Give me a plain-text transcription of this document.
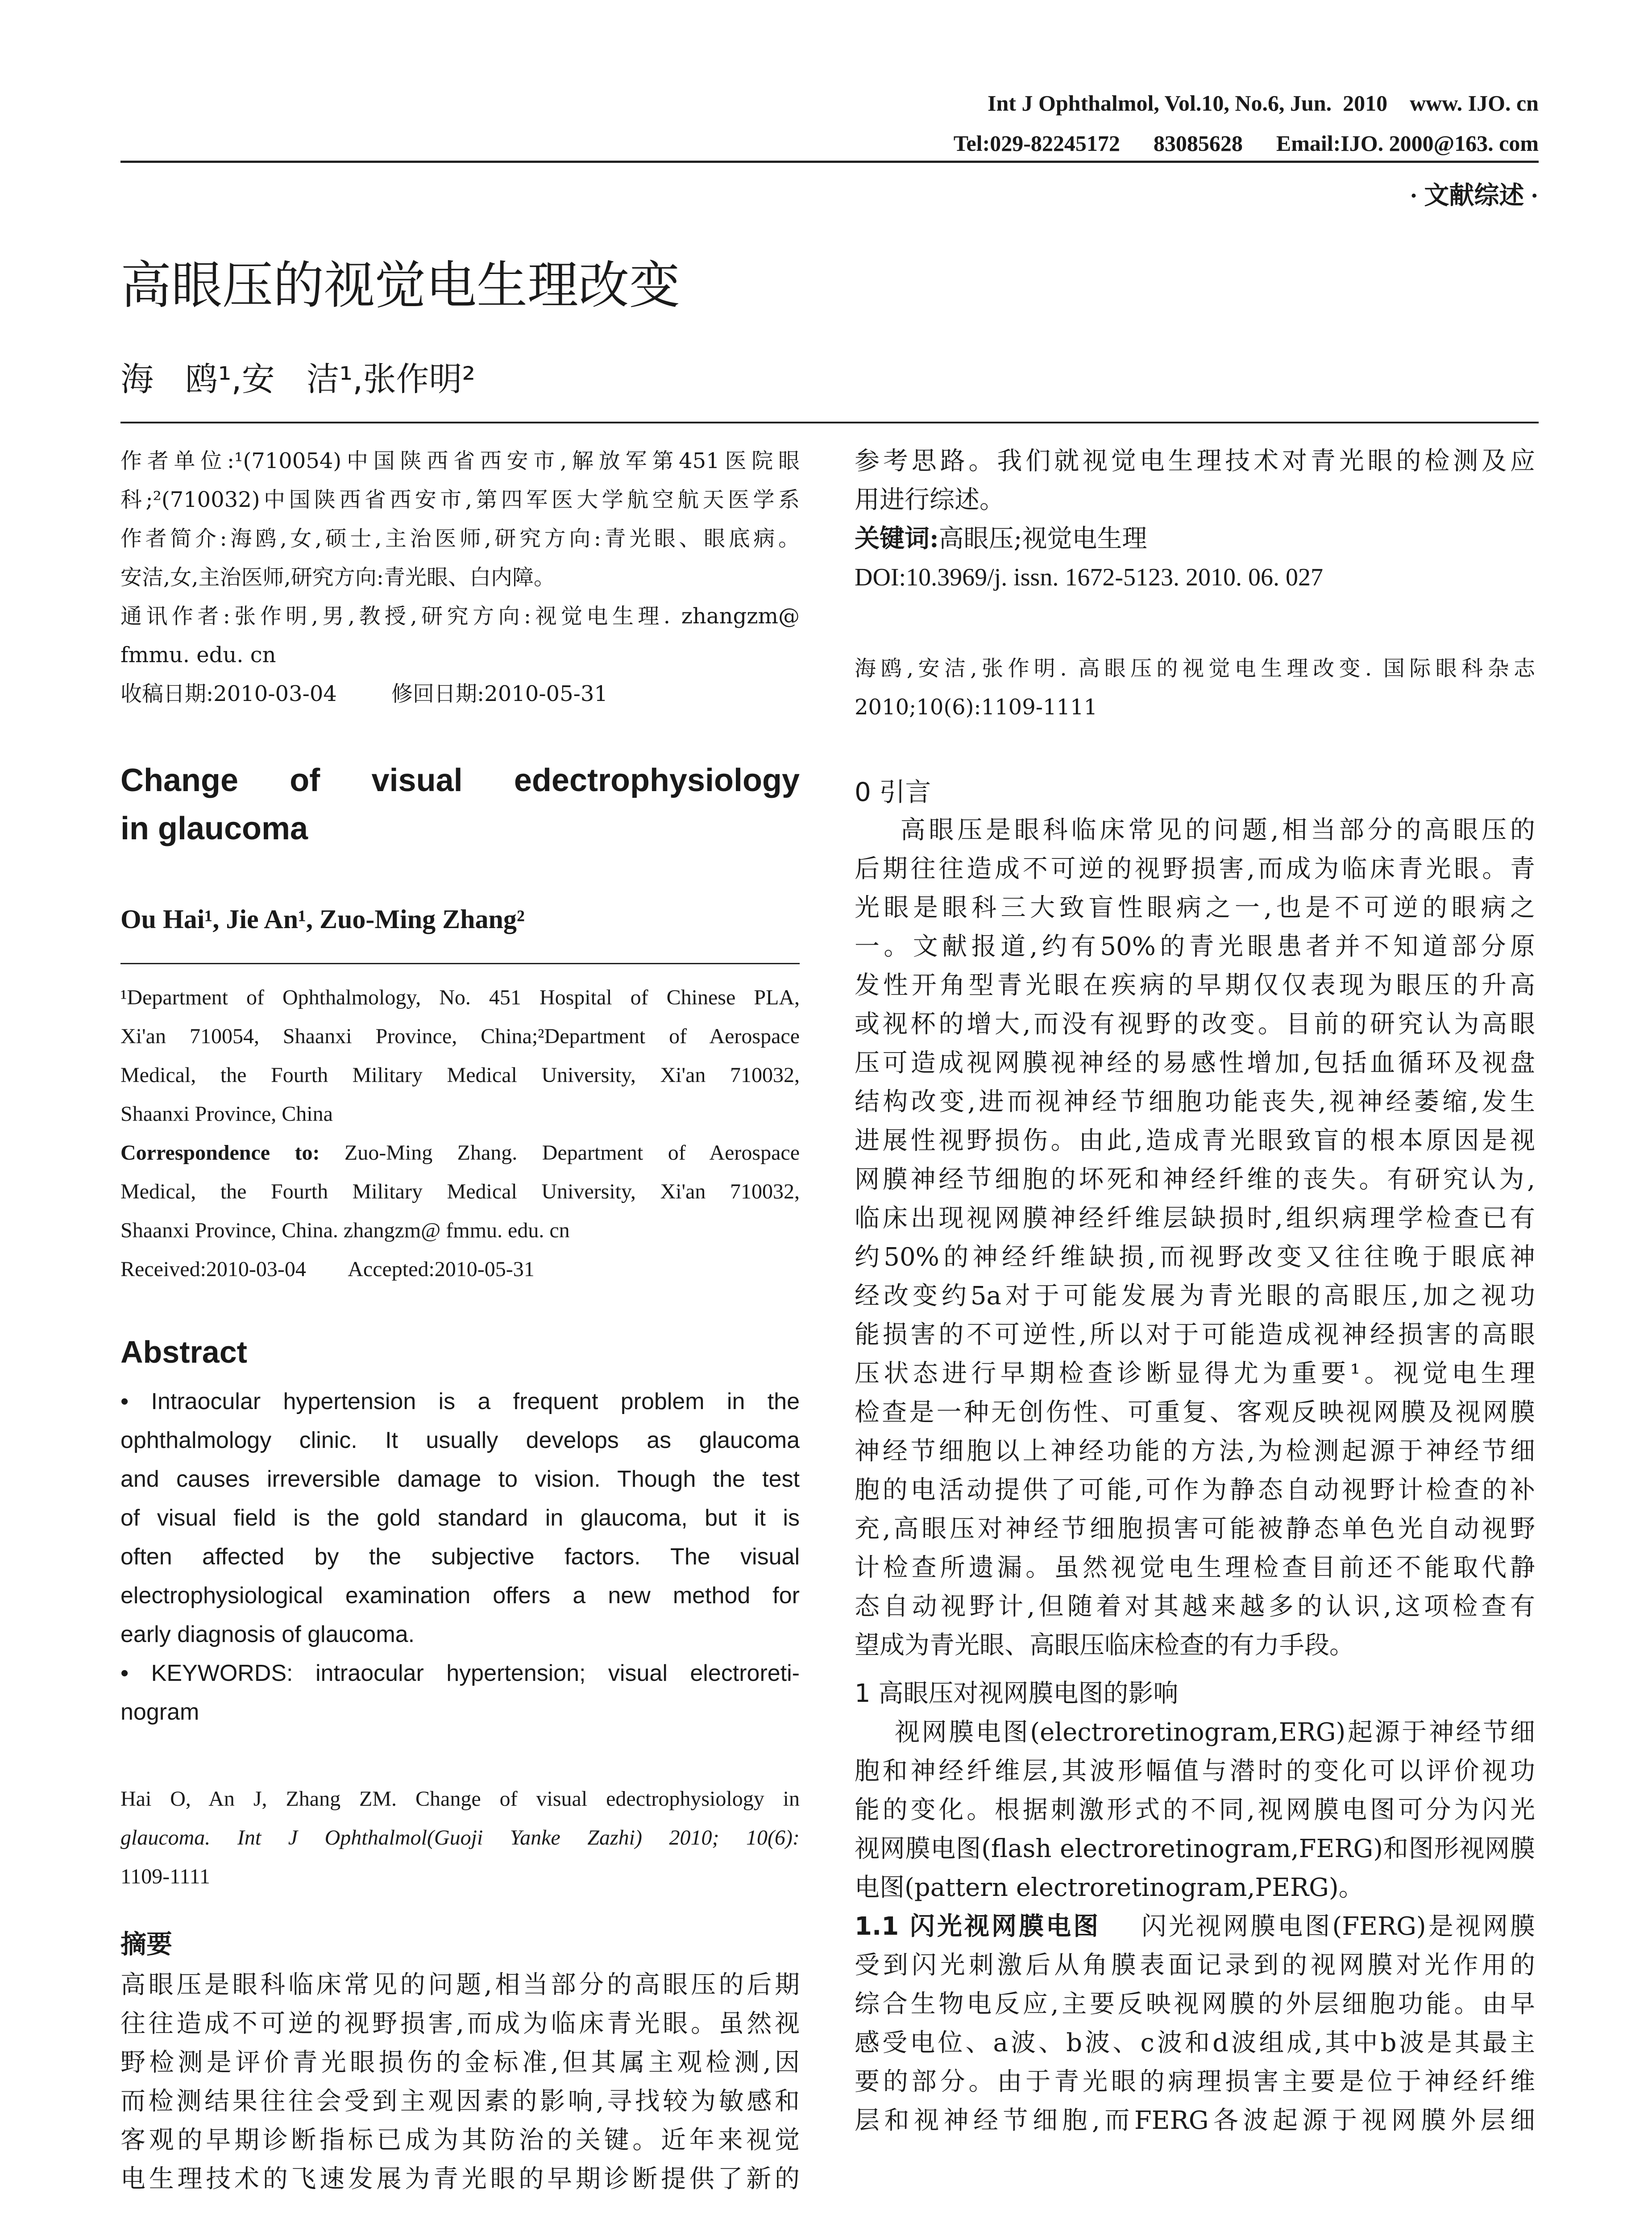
Int J Ophthalmol, Vol.10, No.6, Jun.  2010    www. IJO. cn
Tel:029-82245172      83085628      Email:IJO. 2000@163. com
· 文献综述 ·
高眼压的视觉电生理改变
海   鸥¹,安   洁¹,张作明²
作者单位:¹(710054)中国陕西省西安市,解放军第451医院眼
科;²(710032)中国陕西省西安市,第四军医大学航空航天医学系
作者简介:海鸥,女,硕士,主治医师,研究方向:青光眼、眼底病。
安洁,女,主治医师,研究方向:青光眼、白内障。
通讯作者:张作明,男,教授,研究方向:视觉电生理. zhangzm@
fmmu. edu. cn
收稿日期:2010-03-04        修回日期:2010-05-31
Change   of   visual   edectrophysiology
in glaucoma
Ou Hai¹, Jie An¹, Zuo-Ming Zhang²
¹Department of Ophthalmology, No. 451 Hospital of Chinese PLA,
Xi'an 710054, Shaanxi Province, China;²Department of Aerospace
Medical, the Fourth Military Medical University, Xi'an 710032,
Shaanxi Province, China
Correspondence to: Zuo-Ming Zhang. Department of Aerospace
Medical, the Fourth Military Medical University, Xi'an 710032,
Shaanxi Province, China. zhangzm@ fmmu. edu. cn
Received:2010-03-04        Accepted:2010-05-31
Abstract
• Intraocular hypertension is a frequent problem in the
ophthalmology clinic. It usually develops as glaucoma
and causes irreversible damage to vision. Though the test
of visual field is the gold standard in glaucoma, but it is
often affected by the subjective factors. The visual
electrophysiological examination offers a new method for
early diagnosis of glaucoma.
• KEYWORDS: intraocular hypertension; visual electroreti-
nogram
Hai O, An J, Zhang ZM. Change of visual edectrophysiology in
glaucoma. Int J Ophthalmol(Guoji Yanke Zazhi) 2010; 10(6):
1109-1111
摘要
高眼压是眼科临床常见的问题,相当部分的高眼压的后期
往往造成不可逆的视野损害,而成为临床青光眼。虽然视
野检测是评价青光眼损伤的金标准,但其属主观检测,因
而检测结果往往会受到主观因素的影响,寻找较为敏感和
客观的早期诊断指标已成为其防治的关键。近年来视觉
电生理技术的飞速发展为青光眼的早期诊断提供了新的
参考思路。我们就视觉电生理技术对青光眼的检测及应
用进行综述。
关键词:高眼压;视觉电生理
DOI:10.3969/j. issn. 1672-5123. 2010. 06. 027
海鸥,安洁,张作明. 高眼压的视觉电生理改变. 国际眼科杂志
2010;10(6):1109-1111
0 引言
高眼压是眼科临床常见的问题,相当部分的高眼压的
后期往往造成不可逆的视野损害,而成为临床青光眼。青
光眼是眼科三大致盲性眼病之一,也是不可逆的眼病之
一。文献报道,约有50%的青光眼患者并不知道部分原
发性开角型青光眼在疾病的早期仅仅表现为眼压的升高
或视杯的增大,而没有视野的改变。目前的研究认为高眼
压可造成视网膜视神经的易感性增加,包括血循环及视盘
结构改变,进而视神经节细胞功能丧失,视神经萎缩,发生
进展性视野损伤。由此,造成青光眼致盲的根本原因是视
网膜神经节细胞的坏死和神经纤维的丧失。有研究认为,
临床出现视网膜神经纤维层缺损时,组织病理学检查已有
约50%的神经纤维缺损,而视野改变又往往晚于眼底神
经改变约5a对于可能发展为青光眼的高眼压,加之视功
能损害的不可逆性,所以对于可能造成视神经损害的高眼
压状态进行早期检查诊断显得尤为重要¹。视觉电生理
检查是一种无创伤性、可重复、客观反映视网膜及视网膜
神经节细胞以上神经功能的方法,为检测起源于神经节细
胞的电活动提供了可能,可作为静态自动视野计检查的补
充,高眼压对神经节细胞损害可能被静态单色光自动视野
计检查所遗漏。虽然视觉电生理检查目前还不能取代静
态自动视野计,但随着对其越来越多的认识,这项检查有
望成为青光眼、高眼压临床检查的有力手段。
1 高眼压对视网膜电图的影响
视网膜电图(electroretinogram,ERG)起源于神经节细
胞和神经纤维层,其波形幅值与潜时的变化可以评价视功
能的变化。根据刺激形式的不同,视网膜电图可分为闪光
视网膜电图(flash electroretinogram,FERG)和图形视网膜
电图(pattern electroretinogram,PERG)。
1.1 闪光视网膜电图    闪光视网膜电图(FERG)是视网膜
受到闪光刺激后从角膜表面记录到的视网膜对光作用的
综合生物电反应,主要反映视网膜的外层细胞功能。由早
感受电位、a波、b波、c波和d波组成,其中b波是其最主
要的部分。由于青光眼的病理损害主要是位于神经纤维
层和视神经节细胞,而FERG各波起源于视网膜外层细
